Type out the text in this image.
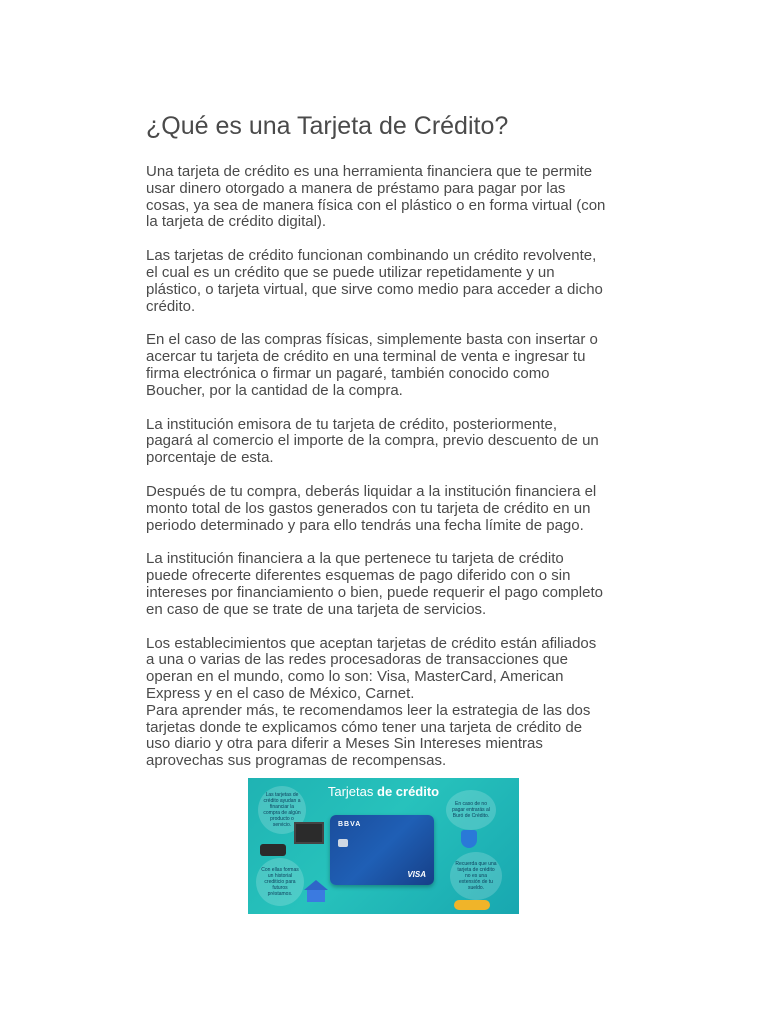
¿Qué es una Tarjeta de Crédito?

Una tarjeta de crédito es una herramienta financiera que te permite
usar dinero otorgado a manera de préstamo para pagar por las
cosas, ya sea de manera física con el plástico o en forma virtual (con
la tarjeta de crédito digital).

Las tarjetas de crédito funcionan combinando un crédito revolvente,
el cual es un crédito que se puede utilizar repetidamente y un
plástico, o tarjeta virtual, que sirve como medio para acceder a dicho
crédito.

En el caso de las compras físicas, simplemente basta con insertar o
acercar tu tarjeta de crédito en una terminal de venta e ingresar tu
firma electrónica o firmar un pagaré, también conocido como
Boucher, por la cantidad de la compra.

La institución emisora de tu tarjeta de crédito, posteriormente,
pagará al comercio el importe de la compra, previo descuento de un
porcentaje de esta.

Después de tu compra, deberás liquidar a la institución financiera el
monto total de los gastos generados con tu tarjeta de crédito en un
periodo determinado y para ello tendrás una fecha límite de pago.

La institución financiera a la que pertenece tu tarjeta de crédito
puede ofrecerte diferentes esquemas de pago diferido con o sin
intereses por financiamiento o bien, puede requerir el pago completo
en caso de que se trate de una tarjeta de servicios.

Los establecimientos que aceptan tarjetas de crédito están afiliados
a una o varias de las redes procesadoras de transacciones que
operan en el mundo, como lo son: Visa, MasterCard, American
Express y en el caso de México, Carnet.

Para aprender más, te recomendamos leer la estrategia de las dos
tarjetas donde te explicamos cómo tener una tarjeta de crédito de
uso diario y otra para diferir a Meses Sin Intereses mientras
aprovechas sus programas de recompensas.

Tarjetas de crédito
Las tarjetas de crédito ayudan a financiar la compra de algún producto o servicio.
Con ellas formas un historial crediticio para futuros préstamos.
En caso de no pagar entrarás al Buró de Crédito.
Recuerda que una tarjeta de crédito no es una extensión de tu sueldo.
BBVA
VISA
